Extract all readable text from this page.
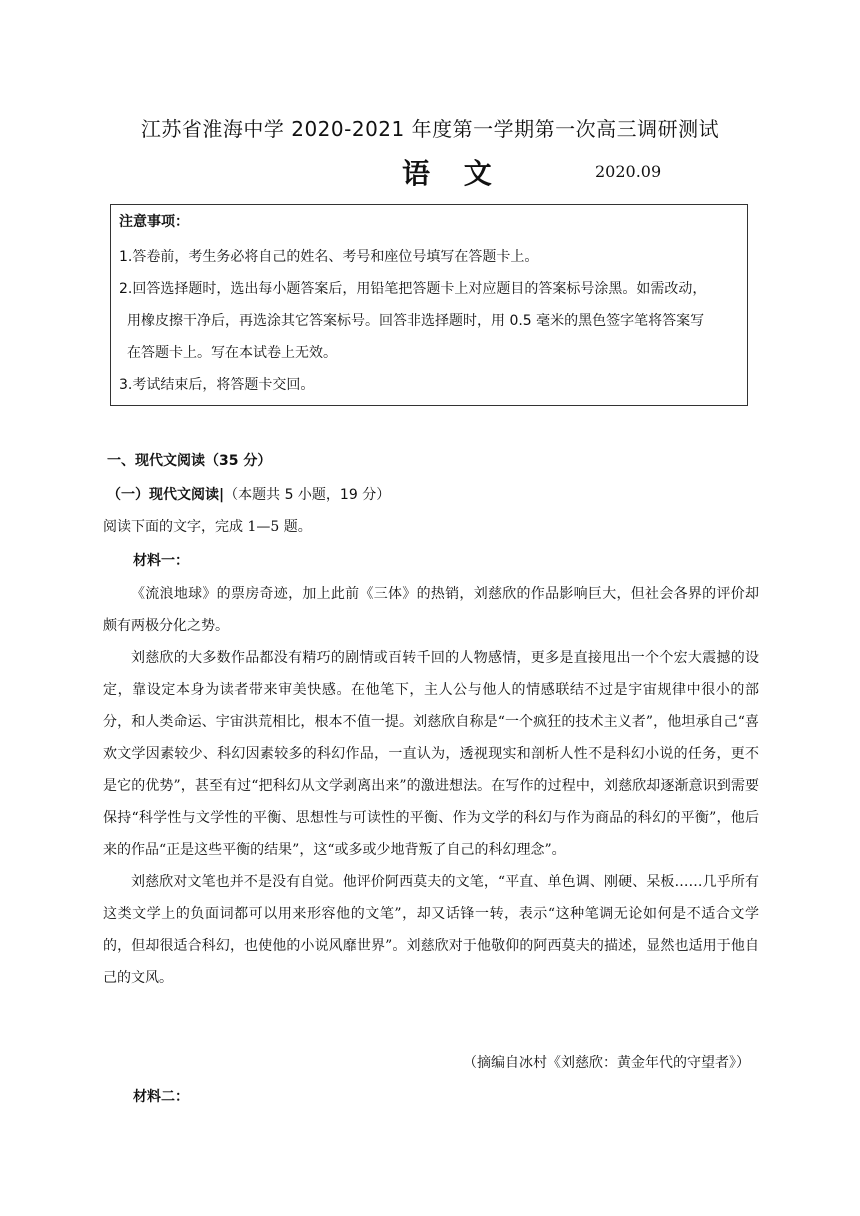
江苏省淮海中学 2020-2021 年度第一学期第一次高三调研测试
语 文	2020.09
注意事项：
1.答卷前，考生务必将自己的姓名、考号和座位号填写在答题卡上。
2.回答选择题时，选出每小题答案后，用铅笔把答题卡上对应题目的答案标号涂黑。如需改动，
用橡皮擦干净后，再选涂其它答案标号。回答非选择题时，用 0.5 毫米的黑色签字笔将答案写
在答题卡上。写在本试卷上无效。
3.考试结束后，将答题卡交回。
一、现代文阅读（35 分）
（一）现代文阅读|（本题共 5 小题，19 分）
阅读下面的文字，完成 1—5 题。
材料一：

《流浪地球》的票房奇迹，加上此前《三体》的热销，刘慈欣的作品影响巨大，但社会各界的评价却颇有两极分化之势。

刘慈欣的大多数作品都没有精巧的剧情或百转千回的人物感情，更多是直接甩出一个个宏大震撼的设定，靠设定本身为读者带来审美快感。在他笔下，主人公与他人的情感联结不过是宇宙规律中很小的部分，和人类命运、宇宙洪荒相比，根本不值一提。刘慈欣自称是“一个疯狂的技术主义者”，他坦承自己“喜欢文学因素较少、科幻因素较多的科幻作品，一直认为，透视现实和剖析人性不是科幻小说的任务，更不是它的优势”，甚至有过“把科幻从文学剥离出来”的激进想法。在写作的过程中，刘慈欣却逐渐意识到需要保持“科学性与文学性的平衡、思想性与可读性的平衡、作为文学的科幻与作为商品的科幻的平衡”，他后来的作品“正是这些平衡的结果”，这“或多或少地背叛了自己的科幻理念”。

刘慈欣对文笔也并不是没有自觉。他评价阿西莫夫的文笔，“平直、单色调、刚硬、呆板……几乎所有这类文学上的负面词都可以用来形容他的文笔”，却又话锋一转，表示“这种笔调无论如何是不适合文学的，但却很适合科幻，也使他的小说风靡世界”。刘慈欣对于他敬仰的阿西莫夫的描述，显然也适用于他自己的文风。

（摘编自冰村《刘慈欣：黄金年代的守望者》）
材料二：
